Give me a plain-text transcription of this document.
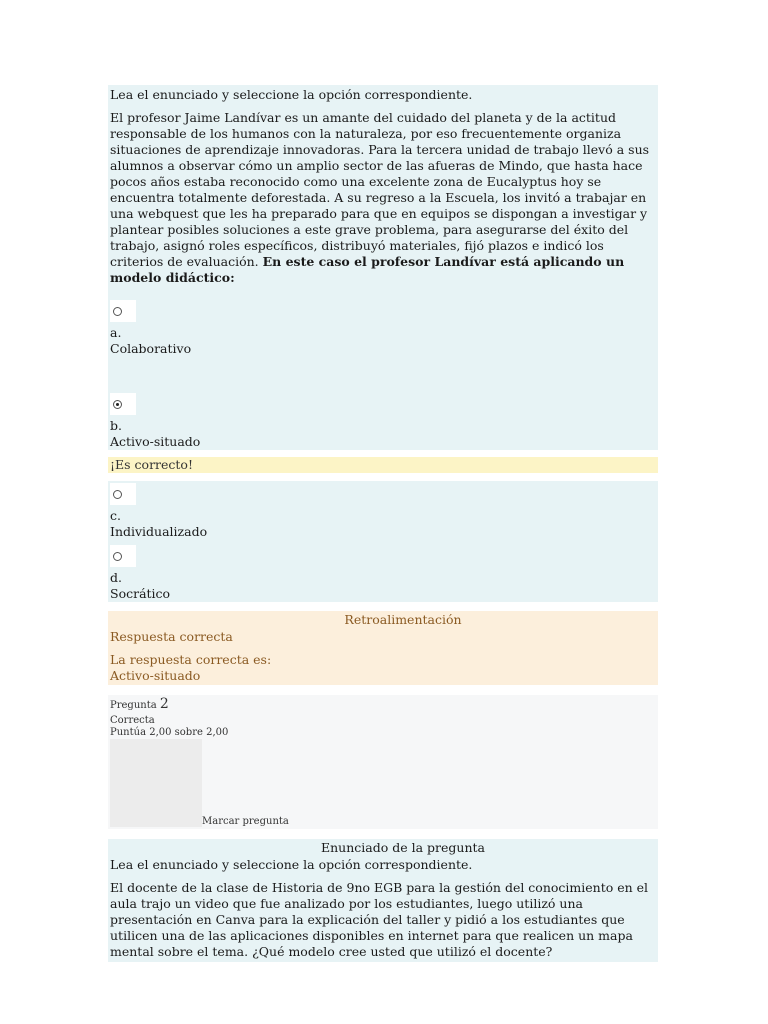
Lea el enunciado y seleccione la opción correspondiente.

El profesor Jaime Landívar es un amante del cuidado del planeta y de la actitud responsable de los humanos con la naturaleza, por eso frecuentemente organiza situaciones de aprendizaje innovadoras. Para la tercera unidad de trabajo llevó a sus alumnos a observar cómo un amplio sector de las afueras de Mindo, que hasta hace pocos años estaba reconocido como una excelente zona de Eucalyptus hoy se encuentra totalmente deforestada. A su regreso a la Escuela, los invitó a trabajar en una webquest que les ha preparado para que en equipos se dispongan a investigar y plantear posibles soluciones a este grave problema, para asegurarse del éxito del trabajo, asignó roles específicos, distribuyó materiales, fijó plazos e indicó los criterios de evaluación. En este caso el profesor Landívar está aplicando un modelo didáctico:

a.
Colaborativo
b.
Activo-situado
¡Es correcto!
c.
Individualizado
d.
Socrático
Retroalimentación

Respuesta correcta

La respuesta correcta es:

Activo-situado

Pregunta 2
Correcta
Puntúa 2,00 sobre 2,00
Marcar pregunta
Enunciado de la pregunta

Lea el enunciado y seleccione la opción correspondiente.

El docente de la clase de Historia de 9no EGB para la gestión del conocimiento en el aula trajo un video que fue analizado por los estudiantes, luego utilizó una presentación en Canva para la explicación del taller y pidió a los estudiantes que utilicen una de las aplicaciones disponibles en internet para que realicen un mapa mental sobre el tema. ¿Qué modelo cree usted que utilizó el docente?
